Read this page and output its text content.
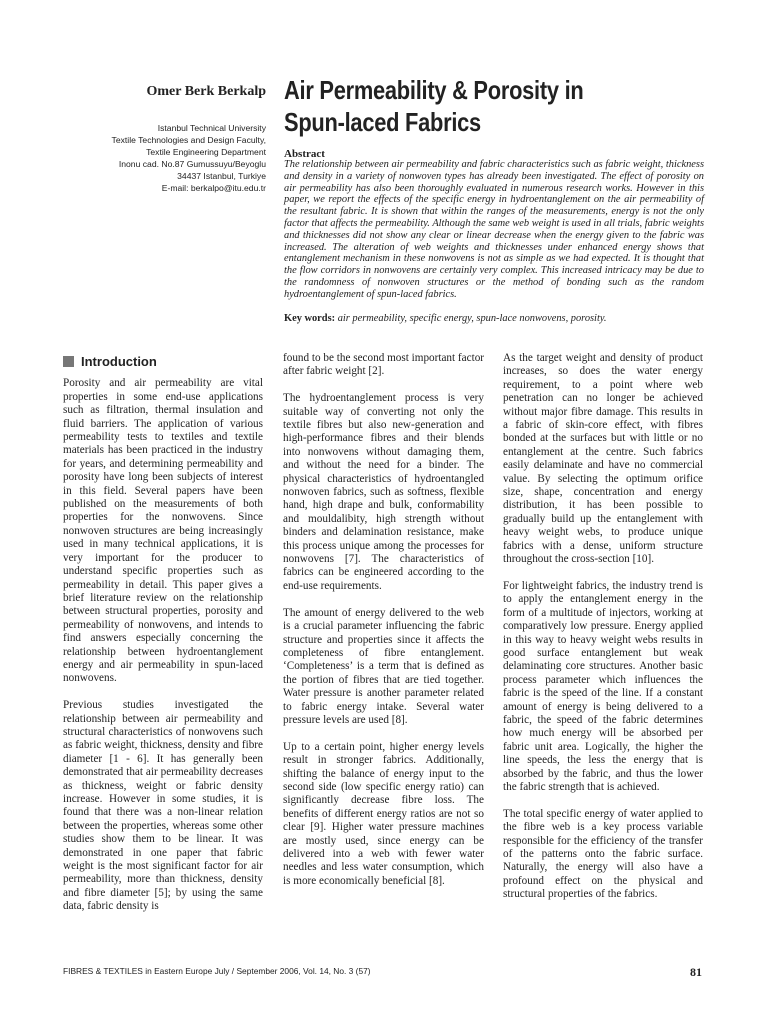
Omer Berk Berkalp
Istanbul Technical University
Textile Technologies and Design Faculty,
Textile Engineering Department
Inonu cad. No.87 Gumussuyu/Beyoglu
34437 Istanbul, Turkiye
E-mail: berkalpo@itu.edu.tr
Air Permeability & Porosity in Spun-laced Fabrics
Abstract
The relationship between air permeability and fabric characteristics such as fabric weight, thickness and density in a variety of nonwoven types has already been investigated. The effect of porosity on air permeability has also been thoroughly evaluated in numerous research works. However in this paper, we report the effects of the specific energy in hydroentanglement on the air permeability of the resultant fabric. It is shown that within the ranges of the measurements, energy is not the only factor that affects the permeability. Although the same web weight is used in all trials, fabric weights and thicknesses did not show any clear or linear decrease when the energy given to the fabric was increased. The alteration of web weights and thicknesses under enhanced energy shows that entanglement mechanism in these nonwovens is not as simple as we had expected. It is thought that the flow corridors in nonwovens are certainly very complex. This increased intricacy may be due to the randomness of nonwoven structures or the method of bonding such as the random hydroentanglement of spun-laced fabrics.
Key words: air permeability, specific energy, spun-lace nonwovens, porosity.
Introduction

Porosity and air permeability are vital properties in some end-use applications such as filtration, thermal insulation and fluid barriers. The application of various permeability tests to textiles and textile materials has been practiced in the industry for years, and determining permeability and porosity have long been subjects of interest in this field. Several papers have been published on the measurements of both properties for the nonwovens. Since nonwoven structures are being increasingly used in many technical applications, it is very important for the producer to understand specific properties such as permeability in detail. This paper gives a brief literature review on the relationship between structural properties, porosity and permeability of nonwovens, and intends to find answers especially concerning the relationship between hydroentanglement energy and air permeability in spun-laced nonwovens.

Previous studies investigated the relationship between air permeability and structural characteristics of nonwovens such as fabric weight, thickness, density and fibre diameter [1 - 6]. It has generally been demonstrated that air permeability decreases as thickness, weight or fabric density increase. However in some studies, it is found that there was a non-linear relation between the properties, whereas some other studies show them to be linear. It was demonstrated in one paper that fabric weight is the most significant factor for air permeability, more than thickness, density and fibre diameter [5]; by using the same data, fabric density is

found to be the second most important factor after fabric weight [2].

The hydroentanglement process is very suitable way of converting not only the textile fibres but also new-generation and high-performance fibres and their blends into nonwovens without damaging them, and without the need for a binder. The physical characteristics of hydroentangled nonwoven fabrics, such as softness, flexible hand, high drape and bulk, conformability and mouldalibity, high strength without binders and delamination resistance, make this process unique among the processes for nonwovens [7]. The characteristics of fabrics can be engineered according to the end-use requirements.

The amount of energy delivered to the web is a crucial parameter influencing the fabric structure and properties since it affects the completeness of fibre entanglement. ‘Completeness’ is a term that is defined as the portion of fibres that are tied together. Water pressure is another parameter related to fabric energy intake. Several water pressure levels are used [8].

Up to a certain point, higher energy levels result in stronger fabrics. Additionally, shifting the balance of energy input to the second side (low specific energy ratio) can significantly decrease fibre loss. The benefits of different energy ratios are not so clear [9]. Higher water pressure machines are mostly used, since energy can be delivered into a web with fewer water needles and less water consumption, which is more economically beneficial [8].

As the target weight and density of product increases, so does the water energy requirement, to a point where web penetration can no longer be achieved without major fibre damage. This results in a fabric of skin-core effect, with fibres bonded at the surfaces but with little or no entanglement at the centre. Such fabrics easily delaminate and have no commercial value. By selecting the optimum orifice size, shape, concentration and energy distribution, it has been possible to gradually build up the entanglement with heavy weight webs, to produce unique fabrics with a dense, uniform structure throughout the cross-section [10].

For lightweight fabrics, the industry trend is to apply the entanglement energy in the form of a multitude of injectors, working at comparatively low pressure. Energy applied in this way to heavy weight webs results in good surface entanglement but weak delaminating core structures. Another basic process parameter which influences the fabric is the speed of the line. If a constant amount of energy is being delivered to a fabric, the speed of the fabric determines how much energy will be absorbed per fabric unit area. Logically, the higher the line speeds, the less the energy that is absorbed by the fabric, and thus the lower the fabric strength that is achieved.

The total specific energy of water applied to the fibre web is a key process variable responsible for the efficiency of the transfer of the patterns onto the fabric surface. Naturally, the energy will also have a profound effect on the physical and structural properties of the fabrics.

FIBRES & TEXTILES in Eastern Europe July / September 2006, Vol. 14, No. 3 (57)	81
